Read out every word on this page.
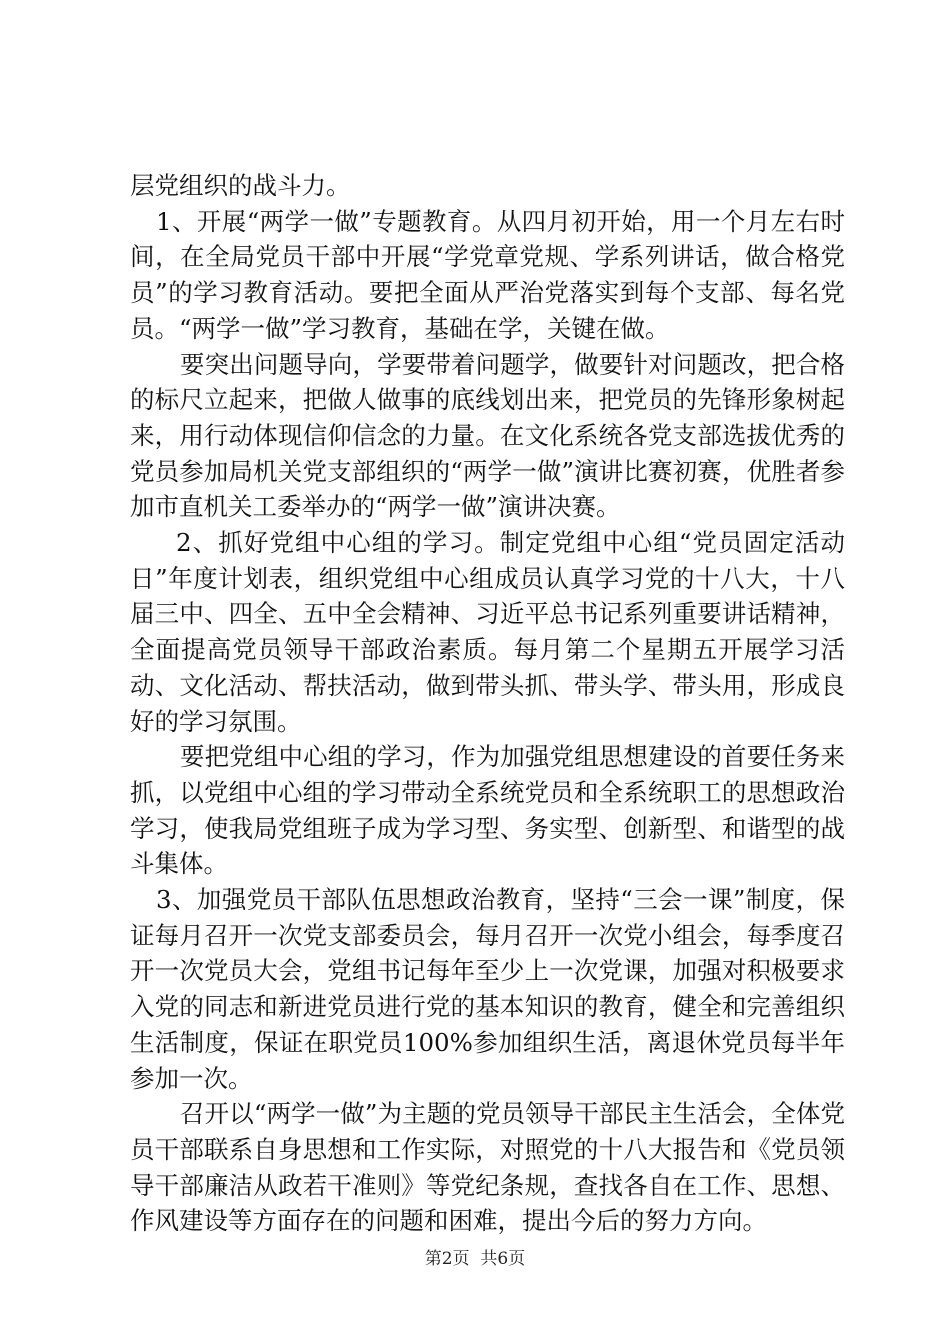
层党组织的战斗力。

1、开展“两学一做”专题教育。从四月初开始，用一个月左右时间，在全局党员干部中开展“学党章党规、学系列讲话，做合格党员”的学习教育活动。要把全面从严治党落实到每个支部、每名党员。“两学一做”学习教育，基础在学，关键在做。

要突出问题导向，学要带着问题学，做要针对问题改，把合格的标尺立起来，把做人做事的底线划出来，把党员的先锋形象树起来，用行动体现信仰信念的力量。在文化系统各党支部选拔优秀的党员参加局机关党支部组织的“两学一做”演讲比赛初赛，优胜者参加市直机关工委举办的“两学一做”演讲决赛。

2、抓好党组中心组的学习。制定党组中心组“党员固定活动日”年度计划表，组织党组中心组成员认真学习党的十八大，十八届三中、四全、五中全会精神、习近平总书记系列重要讲话精神，全面提高党员领导干部政治素质。每月第二个星期五开展学习活动、文化活动、帮扶活动，做到带头抓、带头学、带头用，形成良好的学习氛围。

要把党组中心组的学习，作为加强党组思想建设的首要任务来抓，以党组中心组的学习带动全系统党员和全系统职工的思想政治学习，使我局党组班子成为学习型、务实型、创新型、和谐型的战斗集体。

3、加强党员干部队伍思想政治教育，坚持“三会一课”制度，保证每月召开一次党支部委员会，每月召开一次党小组会，每季度召开一次党员大会，党组书记每年至少上一次党课，加强对积极要求入党的同志和新进党员进行党的基本知识的教育，健全和完善组织生活制度，保证在职党员100%参加组织生活，离退休党员每半年参加一次。

召开以“两学一做”为主题的党员领导干部民主生活会，全体党员干部联系自身思想和工作实际，对照党的十八大报告和《党员领导干部廉洁从政若干准则》等党纪条规，查找各自在工作、思想、作风建设等方面存在的问题和困难，提出今后的努力方向。

第2页  共6页
